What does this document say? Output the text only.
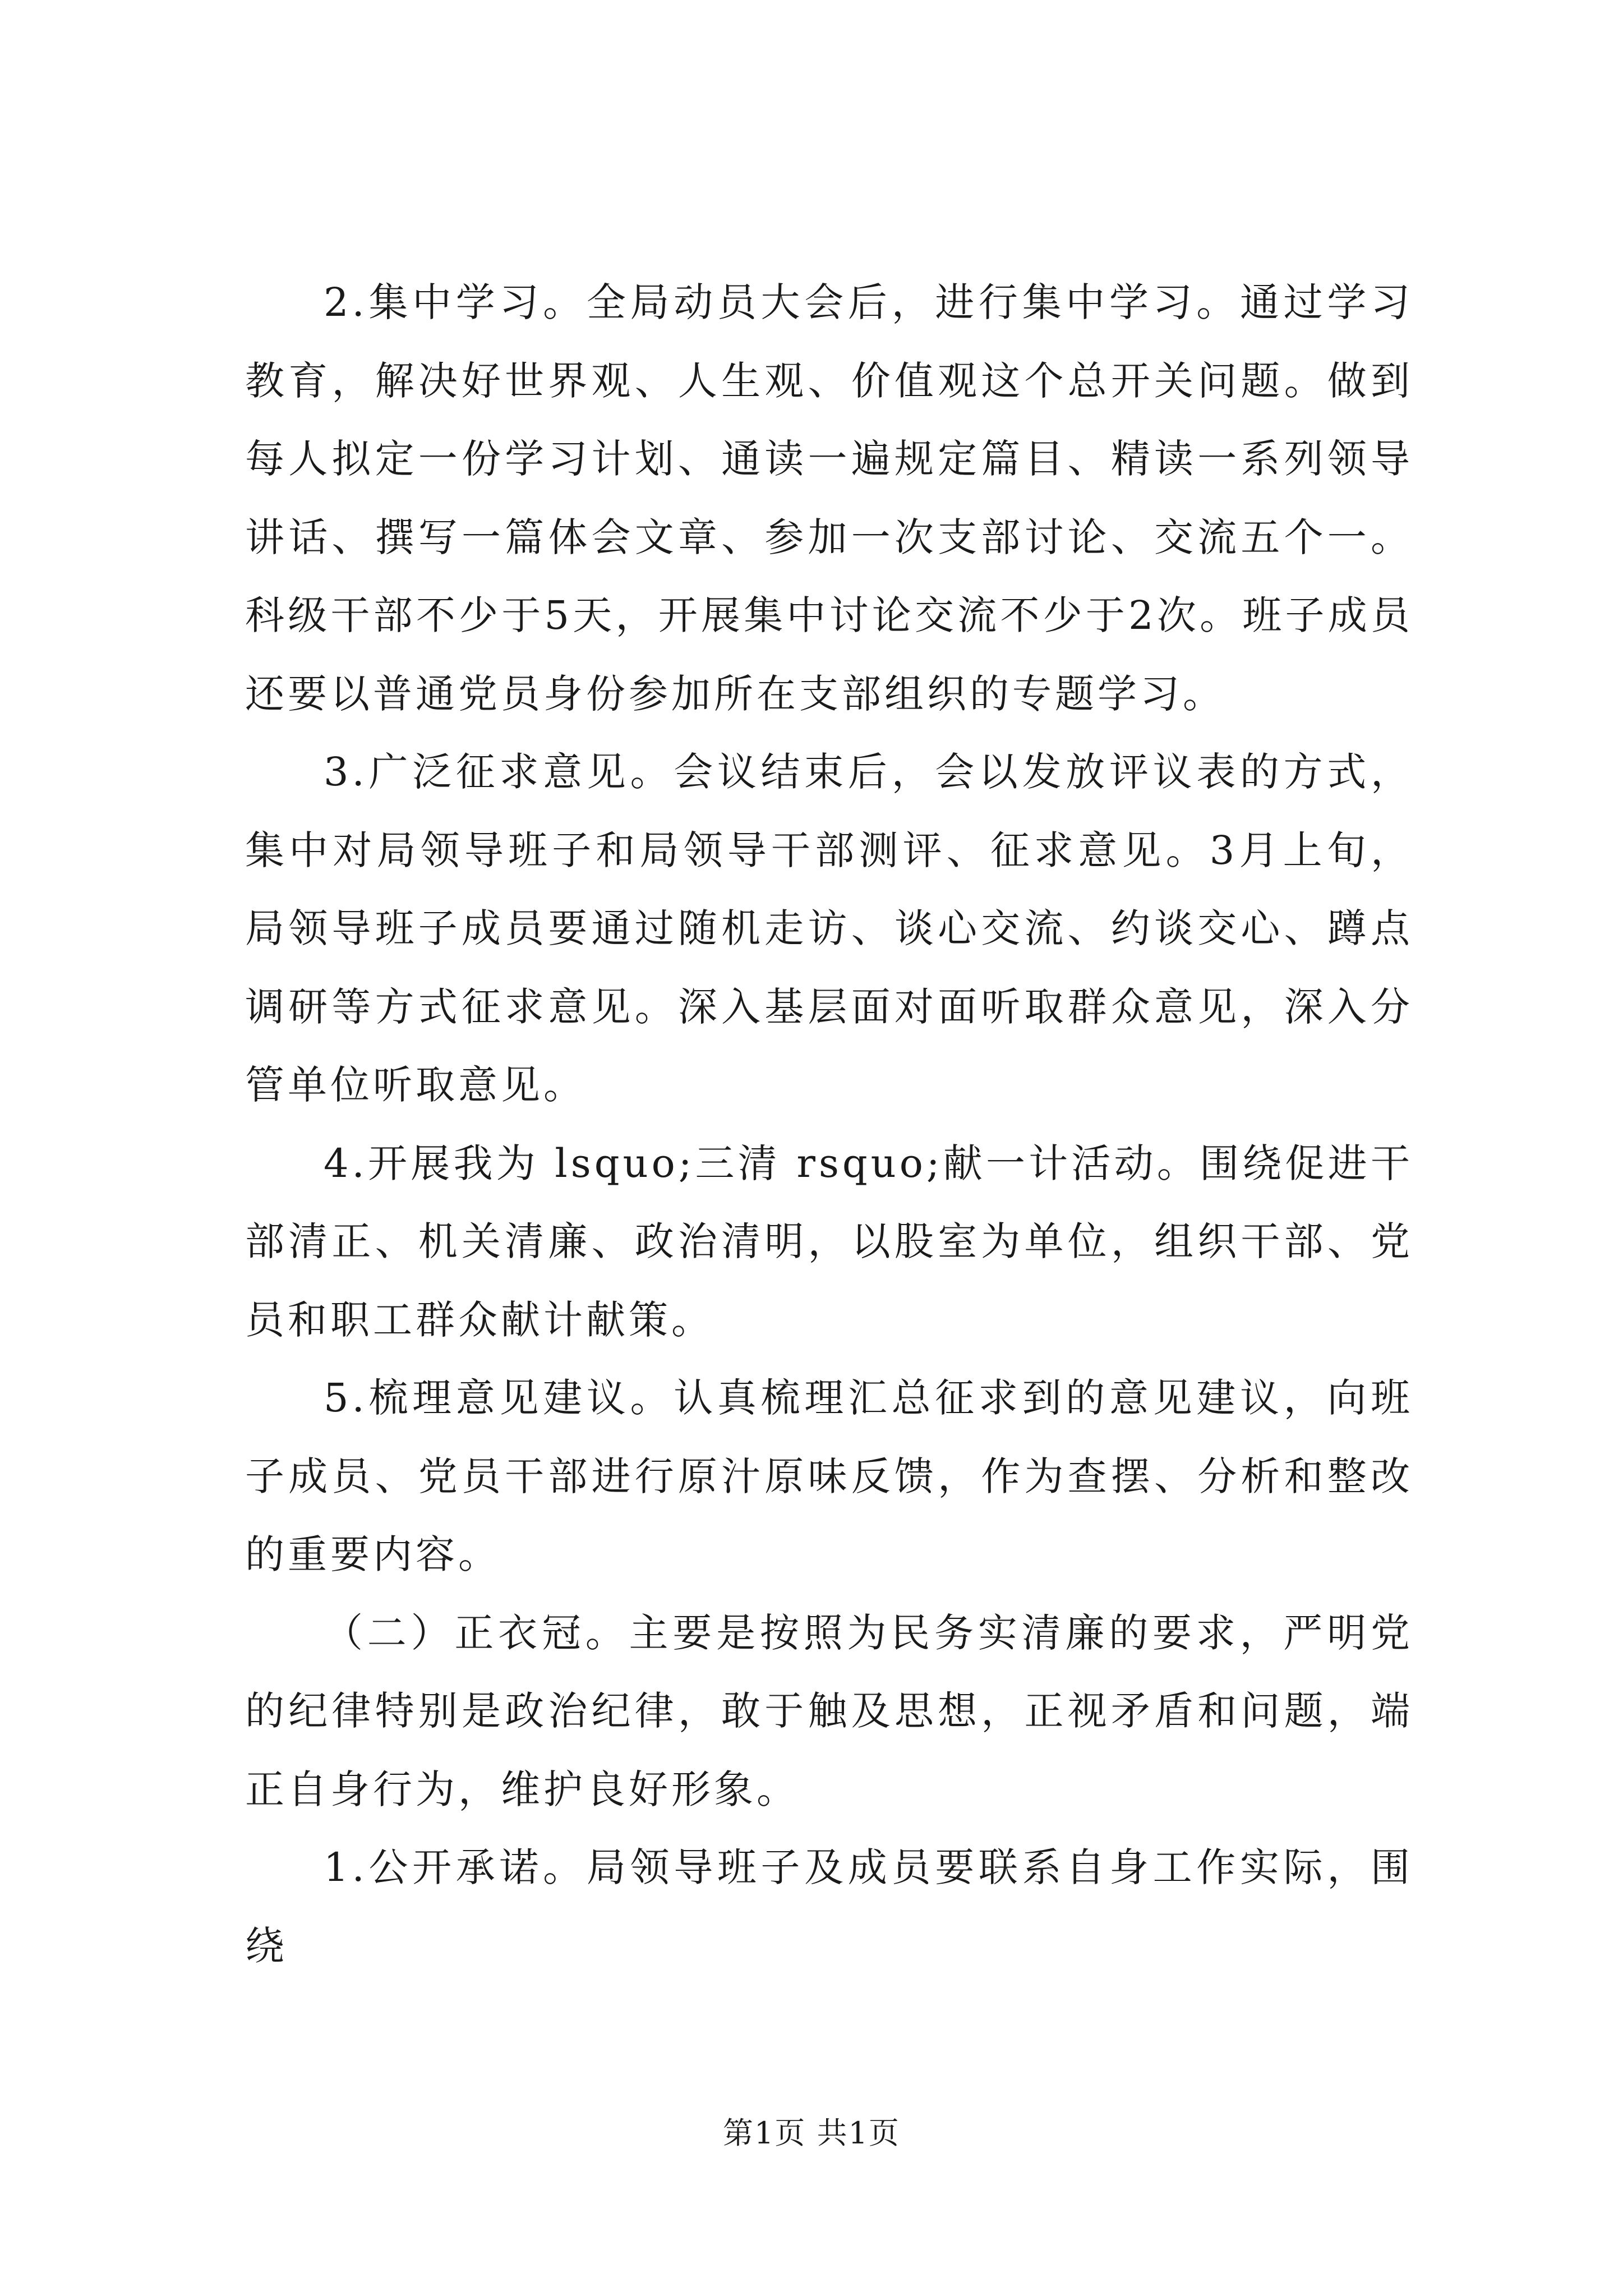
2.集中学习。全局动员大会后，进行集中学习。通过学习教育，解决好世界观、人生观、价值观这个总开关问题。做到每人拟定一份学习计划、通读一遍规定篇目、精读一系列领导讲话、撰写一篇体会文章、参加一次支部讨论、交流五个一。科级干部不少于5天，开展集中讨论交流不少于2次。班子成员还要以普通党员身份参加所在支部组织的专题学习。

3.广泛征求意见。会议结束后，会以发放评议表的方式，集中对局领导班子和局领导干部测评、征求意见。3月上旬，局领导班子成员要通过随机走访、谈心交流、约谈交心、蹲点调研等方式征求意见。深入基层面对面听取群众意见，深入分管单位听取意见。

4.开展我为 lsquo;三清 rsquo;献一计活动。围绕促进干部清正、机关清廉、政治清明，以股室为单位，组织干部、党员和职工群众献计献策。

5.梳理意见建议。认真梳理汇总征求到的意见建议，向班子成员、党员干部进行原汁原味反馈，作为查摆、分析和整改的重要内容。

（二）正衣冠。主要是按照为民务实清廉的要求，严明党的纪律特别是政治纪律，敢于触及思想，正视矛盾和问题，端正自身行为，维护良好形象。

1.公开承诺。局领导班子及成员要联系自身工作实际，围绕

第1页 共1页
